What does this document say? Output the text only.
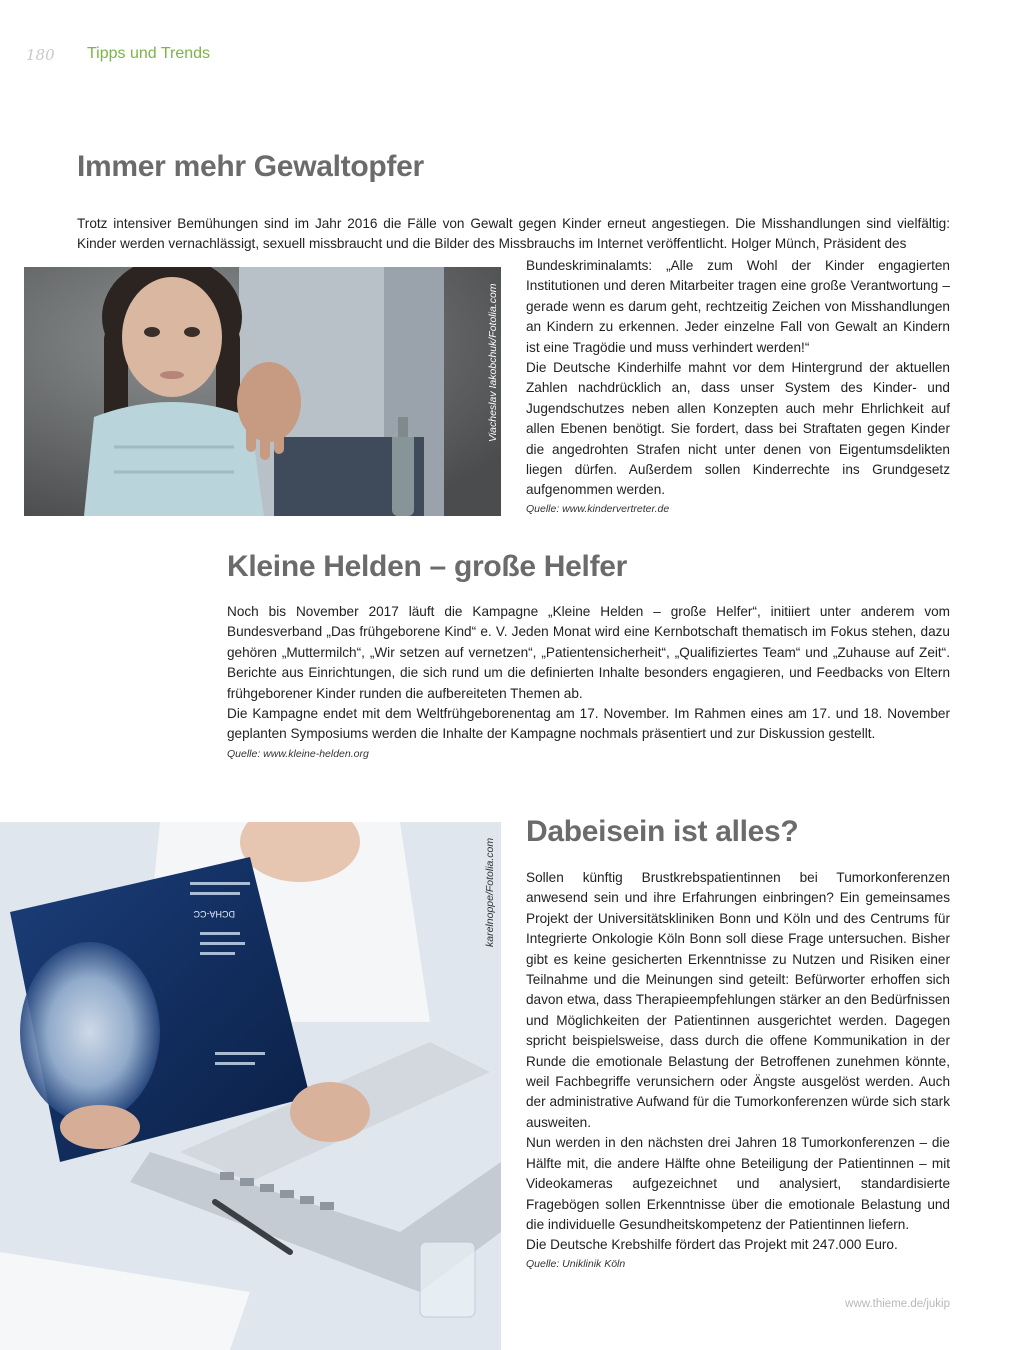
180 Tipps und Trends
Immer mehr Gewaltopfer

Trotz intensiver Bemühungen sind im Jahr 2016 die Fälle von Gewalt gegen Kinder erneut angestiegen. Die Misshandlungen sind vielfältig: Kinder werden vernachlässigt, sexuell missbraucht und die Bilder des Missbrauchs im Internet veröffentlicht. Holger Münch, Präsident des

Viacheslav Iakobchuk/Fotolia.com

Bundeskriminalamts: „Alle zum Wohl der Kinder engagierten Institutionen und deren Mitarbeiter tragen eine große Verantwortung – gerade wenn es darum geht, rechtzeitig Zeichen von Misshandlungen an Kindern zu erkennen. Jeder einzelne Fall von Gewalt an Kindern ist eine Tragödie und muss verhindert werden!“

Die Deutsche Kinderhilfe mahnt vor dem Hintergrund der aktuellen Zahlen nachdrücklich an, dass unser System des Kinder- und Jugendschutzes neben allen Konzepten auch mehr Ehrlichkeit auf allen Ebenen benötigt. Sie fordert, dass bei Straftaten gegen Kinder die angedrohten Strafen nicht unter denen von Eigentumsdelikten liegen dürfen. Außerdem sollen Kinderrechte ins Grundgesetz aufgenommen werden.

Quelle: www.kindervertreter.de
Kleine Helden – große Helfer

Noch bis November 2017 läuft die Kampagne „Kleine Helden – große Helfer“, initiiert unter anderem vom Bundesverband „Das frühgeborene Kind“ e. V. Jeden Monat wird eine Kernbotschaft thematisch im Fokus stehen, dazu gehören „Muttermilch“, „Wir setzen auf vernetzen“, „Patientensicherheit“, „Qualifiziertes Team“ und „Zuhause auf Zeit“. Berichte aus Einrichtungen, die sich rund um die definierten Inhalte besonders engagieren, und Feedbacks von Eltern frühgeborener Kinder runden die aufbereiteten Themen ab.

Die Kampagne endet mit dem Weltfrühgeborenentag am 17. November. Im Rahmen eines am 17. und 18. November geplanten Symposiums werden die Inhalte der Kampagne nochmals präsentiert und zur Diskussion gestellt.

Quelle: www.kleine-helden.org
DCHA-CC	karelnoppe/Fotolia.com
Dabeisein ist alles?

Sollen künftig Brustkrebspatientinnen bei Tumorkonferenzen anwesend sein und ihre Erfahrungen einbringen? Ein gemeinsames Projekt der Universitätskliniken Bonn und Köln und des Centrums für Integrierte Onkologie Köln Bonn soll diese Frage untersuchen. Bisher gibt es keine gesicherten Erkenntnisse zu Nutzen und Risiken einer Teilnahme und die Meinungen sind geteilt: Befürworter erhoffen sich davon etwa, dass Therapieempfehlungen stärker an den Bedürfnissen und Möglichkeiten der Patientinnen ausgerichtet werden. Dagegen spricht beispielsweise, dass durch die offene Kommunikation in der Runde die emotionale Belastung der Betroffenen zunehmen könnte, weil Fachbegriffe verunsichern oder Ängste ausgelöst werden. Auch der administrative Aufwand für die Tumorkonferenzen würde sich stark ausweiten.

Nun werden in den nächsten drei Jahren 18 Tumorkonferenzen – die Hälfte mit, die andere Hälfte ohne Beteiligung der Patientinnen – mit Videokameras aufgezeichnet und analysiert, standardisierte Fragebögen sollen Erkenntnisse über die emotionale Belastung und die individuelle Gesundheitskompetenz der Patientinnen liefern.

Die Deutsche Krebshilfe fördert das Projekt mit 247.000 Euro.

Quelle: Uniklinik Köln
www.thieme.de/jukip
